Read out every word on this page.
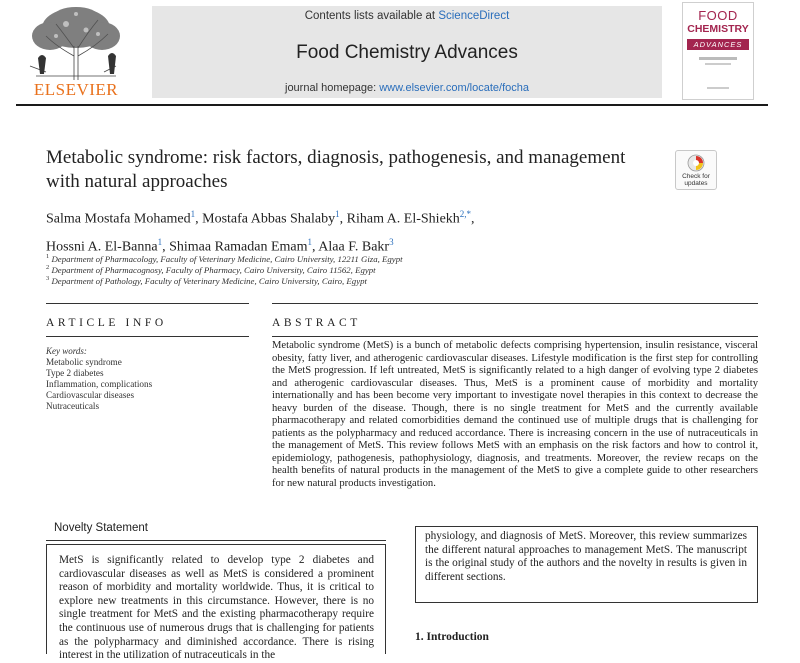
ELSEVIER
Contents lists available at ScienceDirect
Food Chemistry Advances
journal homepage: www.elsevier.com/locate/focha
FOOD
CHEMISTRY
ADVANCES
Metabolic syndrome: risk factors, diagnosis, pathogenesis, and management with natural approaches	Check for
updates
Salma Mostafa Mohamed$^1$, Mostafa Abbas Shalaby$^1$, Riham A. El-Shiekh$^{2,*}$,
Hossni A. El-Banna$^1$, Shimaa Ramadan Emam$^1$, Alaa F. Bakr$^3$
$^1$ Department of Pharmacology, Faculty of Veterinary Medicine, Cairo University, 12211 Giza, Egypt
$^2$ Department of Pharmacognosy, Faculty of Pharmacy, Cairo University, Cairo 11562, Egypt
$^3$ Department of Pathology, Faculty of Veterinary Medicine, Cairo University, Cairo, Egypt
ARTICLE INFO
Key words:
Metabolic syndrome
Type 2 diabetes
Inflammation, complications
Cardiovascular diseases
Nutraceuticals
ABSTRACT
Metabolic syndrome (MetS) is a bunch of metabolic defects comprising hypertension, insulin resistance, visceral obesity, fatty liver, and atherogenic cardiovascular diseases. Lifestyle modification is the first step for controlling the MetS progression. If left untreated, MetS is significantly related to a high danger of evolving type 2 diabetes and atherogenic cardiovascular diseases. Thus, MetS is a prominent cause of morbidity and mortality internationally and has been become very important to investigate novel therapies in this context to decrease the heavy burden of the disease. Though, there is no single treatment for MetS and the currently available pharmacotherapy and related comorbidities demand the continued use of multiple drugs that is challenging for patients as the polypharmacy and reduced accordance. There is increasing concern in the use of nutraceuticals in the management of MetS. This review follows MetS with an emphasis on the risk factors and how to control it, epidemiology, pathogenesis, pathophysiology, diagnosis, and treatments. Moreover, the review recaps on the health benefits of natural products in the management of the MetS to give a complete guide to other researchers for new natural products investigation.
Novelty Statement
MetS is significantly related to develop type 2 diabetes and cardiovascular diseases as well as MetS is considered a prominent reason of morbidity and mortality worldwide. Thus, it is critical to explore new treatments in this circumstance. However, there is no single treatment for MetS and the existing pharmacotherapy require the continuous use of numerous drugs that is challenging for patients as the polypharmacy and diminished accordance. There is rising interest in the utilization of nutraceuticals in the
physiology, and diagnosis of MetS. Moreover, this review summarizes the different natural approaches to management MetS. The manuscript is the original study of the authors and the novelty in results is given in different sections.
1. Introduction
